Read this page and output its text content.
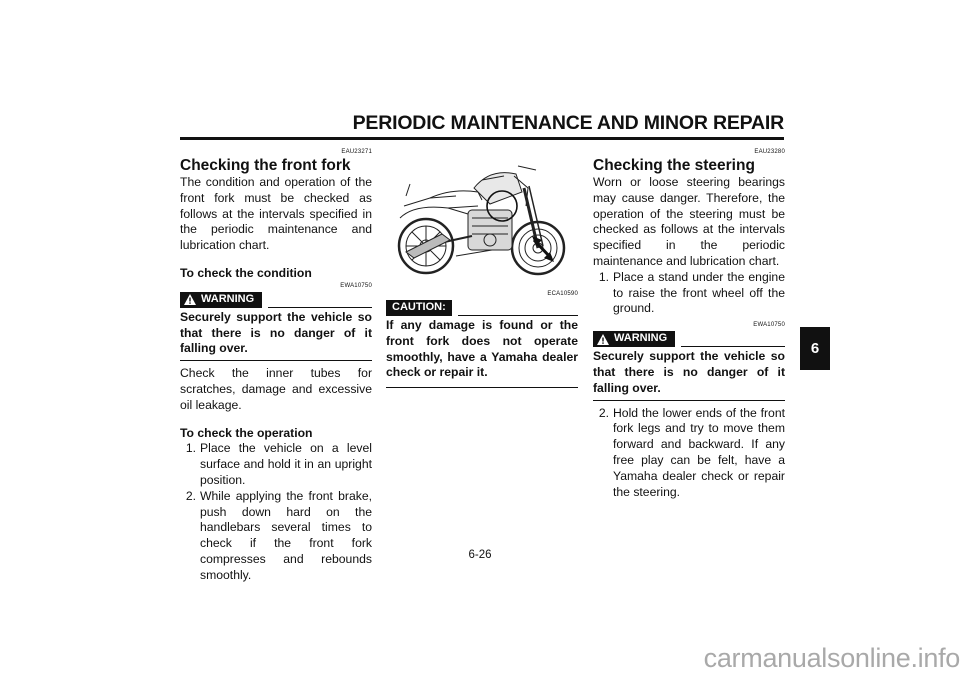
PERIODIC MAINTENANCE AND MINOR REPAIR
EAU23271
Checking the front fork

The condition and operation of the front fork must be checked as follows at the intervals specified in the periodic maintenance and lubrication chart.

To check the condition
EWA10750
WARNING
Securely support the vehicle so that there is no danger of it falling over.

Check the inner tubes for scratches, damage and excessive oil leakage.

To check the operation
1. Place the vehicle on a level surface and hold it in an upright position.
2. While applying the front brake, push down hard on the handlebars several times to check if the front fork compresses and rebounds smoothly.
ECA10590
CAUTION:
If any damage is found or the front fork does not operate smoothly, have a Yamaha dealer check or repair it.
EAU23280
Checking the steering

Worn or loose steering bearings may cause danger. Therefore, the operation of the steering must be checked as follows at the intervals specified in the periodic maintenance and lubrication chart.

1. Place a stand under the engine to raise the front wheel off the ground.
EWA10750
WARNING
Securely support the vehicle so that there is no danger of it falling over.
2. Hold the lower ends of the front fork legs and try to move them forward and backward. If any free play can be felt, have a Yamaha dealer check or repair the steering.
6
6-26
carmanualsonline.info
